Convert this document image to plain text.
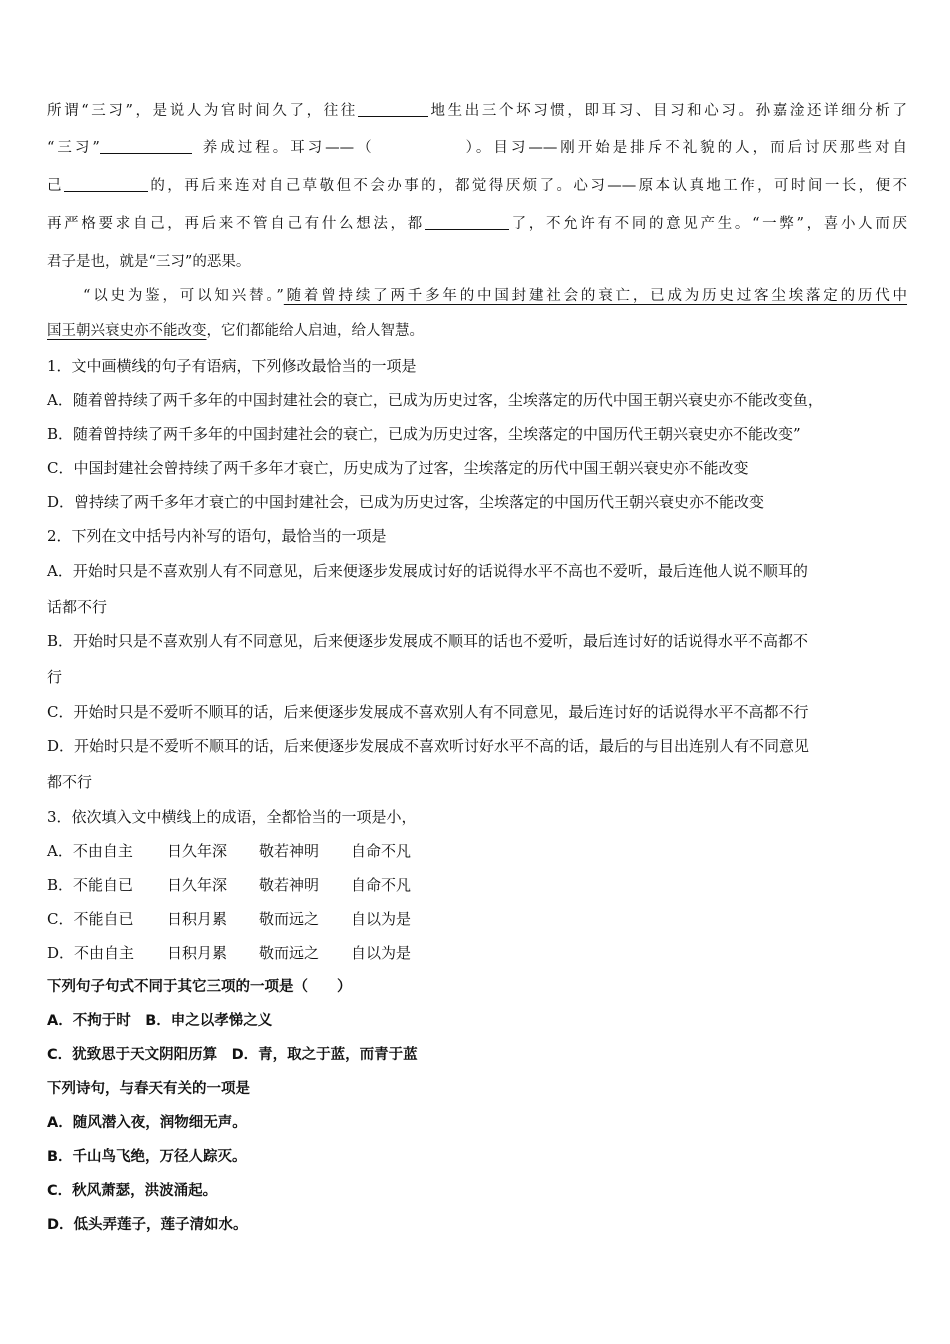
所谓“三习”，是说人为官时间久了，往往	地生出三个坏习惯，即耳习、目习和心习。孙嘉淦还详细分析了
“三习”	养成过程。耳习——（	）。目习——刚开始是排斥不礼貌的人，而后讨厌那些对自
己	的，再后来连对自己草敬但不会办事的，都觉得厌烦了。心习——原本认真地工作，可时间一长，便不
再严格要求自己，再后来不管自己有什么想法，都	了，不允许有不同的意见产生。“一弊”，喜小人而厌
君子是也，就是“三习”的恶果。
“以史为鉴，可以知兴替。”随着曾持续了两千多年的中国封建社会的衰亡，已成为历史过客尘埃落定的历代中
国王朝兴衰史亦不能改变，它们都能给人启迪，给人智慧。
1．文中画横线的句子有语病，下列修改最恰当的一项是
A．随着曾持续了两千多年的中国封建社会的衰亡，已成为历史过客，尘埃落定的历代中国王朝兴衰史亦不能改变鱼，
B．随着曾持续了两千多年的中国封建社会的衰亡，已成为历史过客，尘埃落定的中国历代王朝兴衰史亦不能改变”
C．中国封建社会曾持续了两千多年才衰亡，历史成为了过客，尘埃落定的历代中国王朝兴衰史亦不能改变
D．曾持续了两千多年才衰亡的中国封建社会，已成为历史过客，尘埃落定的中国历代王朝兴衰史亦不能改变
2．下列在文中括号内补写的语句，最恰当的一项是
A．开始时只是不喜欢别人有不同意见，后来便逐步发展成讨好的话说得水平不高也不爱听，最后连他人说不顺耳的
话都不行
B．开始时只是不喜欢别人有不同意见，后来便逐步发展成不顺耳的话也不爱听，最后连讨好的话说得水平不高都不
行
C．开始时只是不爱听不顺耳的话，后来便逐步发展成不喜欢别人有不同意见，最后连讨好的话说得水平不高都不行
D．开始时只是不爱听不顺耳的话，后来便逐步发展成不喜欢听讨好水平不高的话，最后的与目出连别人有不同意见
都不行
3．依次填入文中横线上的成语，全都恰当的一项是小，
A．不由自主 日久年深 敬若神明 自命不凡
B．不能自已 日久年深 敬若神明 自命不凡
C．不能自已 日积月累 敬而远之 自以为是
D．不由自主 日积月累 敬而远之 自以为是
下列句子句式不同于其它三项的一项是（　　）
A．不拘于时　B．申之以孝悌之义
C．犹致思于天文阴阳历算　D．青，取之于蓝，而青于蓝
下列诗句，与春天有关的一项是
A．随风潜入夜，润物细无声。
B．千山鸟飞绝，万径人踪灭。
C．秋风萧瑟，洪波涌起。
D．低头弄莲子，莲子清如水。
